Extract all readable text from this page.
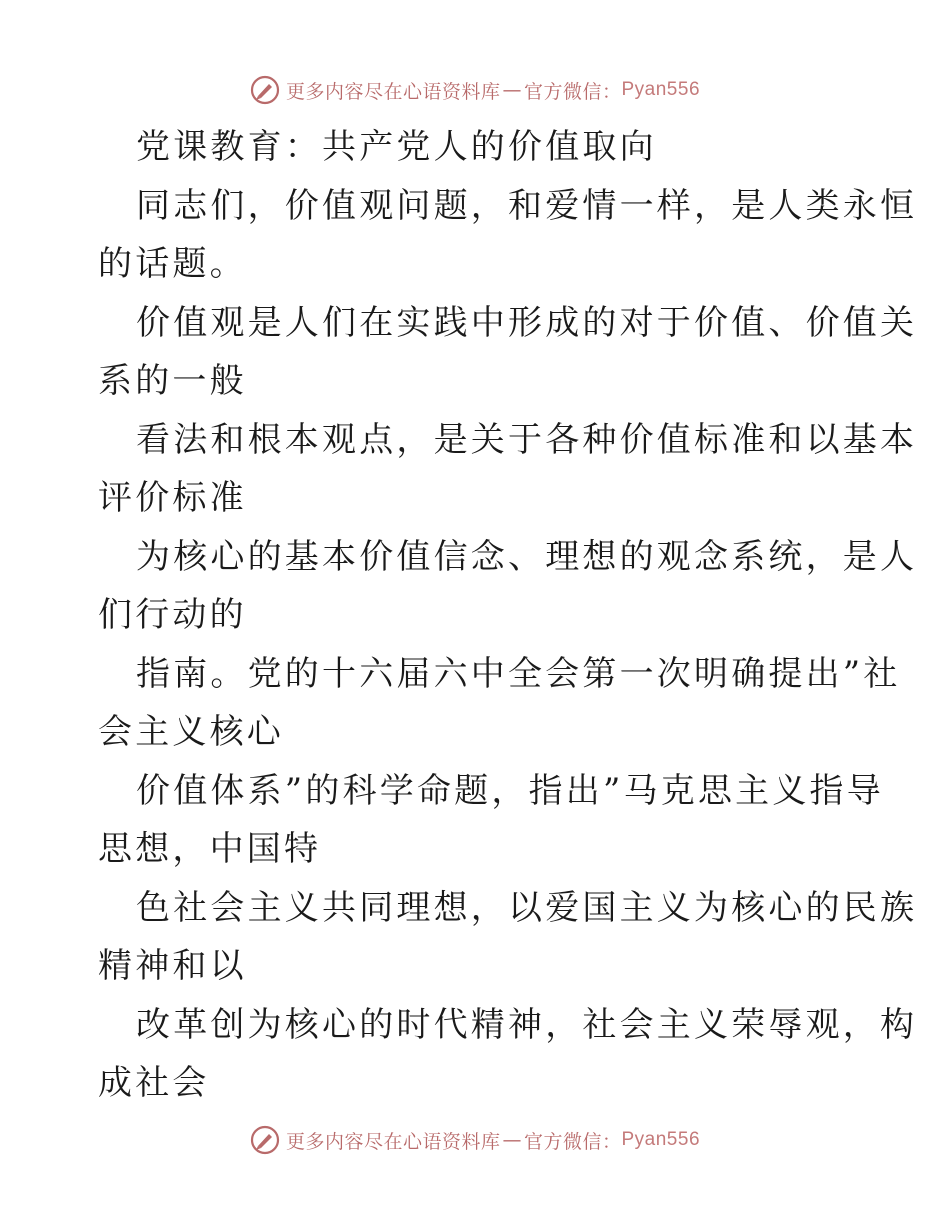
更多内容尽在心语资料库 — 官方微信： Pyan556

党课教育：共产党人的价值取向

同志们，价值观问题，和爱情一样，是人类永恒

的话题。

价值观是人们在实践中形成的对于价值、价值关

系的一般

看法和根本观点，是关于各种价值标准和以基本

评价标准

为核心的基本价值信念、理想的观念系统，是人

们行动的

指南。党的十六届六中全会第一次明确提出”社

会主义核心

价值体系”的科学命题，指出”马克思主义指导

思想，中国特

色社会主义共同理想，以爱国主义为核心的民族

精神和以

改革创为核心的时代精神，社会主义荣辱观，构

成社会

更多内容尽在心语资料库 — 官方微信： Pyan556
